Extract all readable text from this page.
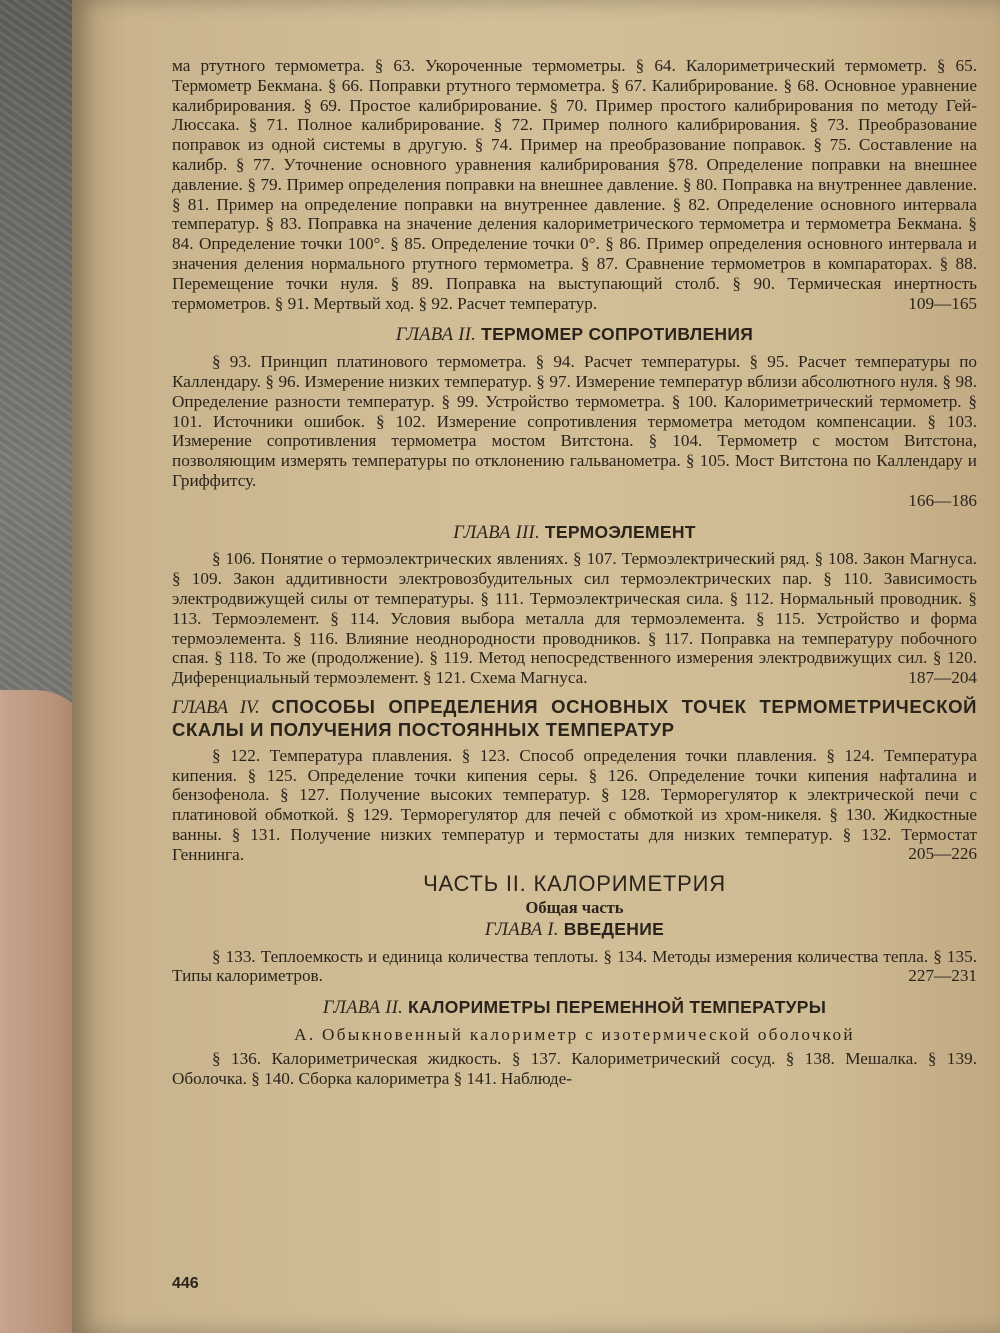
ма ртутного термометра. § 63. Укороченные термометры. § 64. Калориметрический термометр. § 65. Термометр Бекмана. § 66. Поправки ртутного термометра. § 67. Калибрирование. § 68. Основное уравнение калибрирования. § 69. Простое калибрирование. § 70. Пример простого калибрирования по методу Гей-Люссака. § 71. Полное калибрирование. § 72. Пример полного калибрирования. § 73. Преобразование поправок из одной системы в другую. § 74. Пример на преобразование поправок. § 75. Составление на калибр. § 77. Уточнение основного уравнения калибрирования §78. Определение поправки на внешнее давление. § 79. Пример определения поправки на внешнее давление. § 80. Поправка на внутреннее давление. § 81. Пример на определение поправки на внутреннее давление. § 82. Определение основного интервала температур. § 83. Поправка на значение деления калориметрического термометра и термометра Бекмана. § 84. Определение точки 100°. § 85. Определение точки 0°. § 86. Пример определения основного интервала и значения деления нормального ртутного термометра. § 87. Сравнение термометров в компараторах. § 88. Перемещение точки нуля. § 89. Поправка на выступающий столб. § 90. Термическая инертность термометров. § 91. Мертвый ход. § 92. Расчет температур.	109—165

ГЛАВА II. ТЕРМОМЕР СОПРОТИВЛЕНИЯ

§ 93. Принцип платинового термометра. § 94. Расчет температуры. § 95. Расчет температуры по Каллендару. § 96. Измерение низких температур. § 97. Измерение температур вблизи абсолютного нуля. § 98. Определение разности температур. § 99. Устройство термометра. § 100. Калориметрический термометр. § 101. Источники ошибок. § 102. Измерение сопротивления термометра методом компенсации. § 103. Измерение сопротивления термометра мостом Витстона. § 104. Термометр с мостом Витстона, позволяющим измерять температуры по отклонению гальванометра. § 105. Мост Витстона по Каллендару и Гриффитсу.

166—186

ГЛАВА III. ТЕРМОЭЛЕМЕНТ

§ 106. Понятие о термоэлектрических явлениях. § 107. Термоэлектрический ряд. § 108. Закон Магнуса. § 109. Закон аддитивности электровозбудительных сил термоэлектрических пар. § 110. Зависимость электродвижущей силы от температуры. § 111. Термоэлектрическая сила. § 112. Нормальный проводник. § 113. Термоэлемент. § 114. Условия выбора металла для термоэлемента. § 115. Устройство и форма термоэлемента. § 116. Влияние неоднородности проводников. § 117. Поправка на температуру побочного спая. § 118. То же (продолжение). § 119. Метод непосредственного измерения электродвижущих сил. § 120. Диференциальный термоэлемент. § 121. Схема Магнуса.	187—204

ГЛАВА IV. СПОСОБЫ ОПРЕДЕЛЕНИЯ ОСНОВНЫХ ТОЧЕК ТЕРМОМЕТРИЧЕСКОЙ СКАЛЫ И ПОЛУЧЕНИЯ ПОСТОЯННЫХ ТЕМПЕРАТУР

§ 122. Температура плавления. § 123. Способ определения точки плавления. § 124. Температура кипения. § 125. Определение точки кипения серы. § 126. Определение точки кипения нафталина и бензофенола. § 127. Получение высоких температур. § 128. Терморегулятор к электрической печи с платиновой обмоткой. § 129. Терморегулятор для печей с обмоткой из хром-никеля. § 130. Жидкостные ванны. § 131. Получение низких температур и термостаты для низких температур. § 132. Термостат Геннинга.	205—226

ЧАСТЬ II. КАЛОРИМЕТРИЯ
Общая часть
ГЛАВА I. ВВЕДЕНИЕ

§ 133. Теплоемкость и единица количества теплоты. § 134. Методы измерения количества тепла. § 135. Типы калориметров.	227—231

ГЛАВА II. КАЛОРИМЕТРЫ ПЕРЕМЕННОЙ ТЕМПЕРАТУРЫ
А. Обыкновенный калориметр с изотермической оболочкой

§ 136. Калориметрическая жидкость. § 137. Калориметрический сосуд. § 138. Мешалка. § 139. Оболочка. § 140. Сборка калориметра § 141. Наблюде-

446
